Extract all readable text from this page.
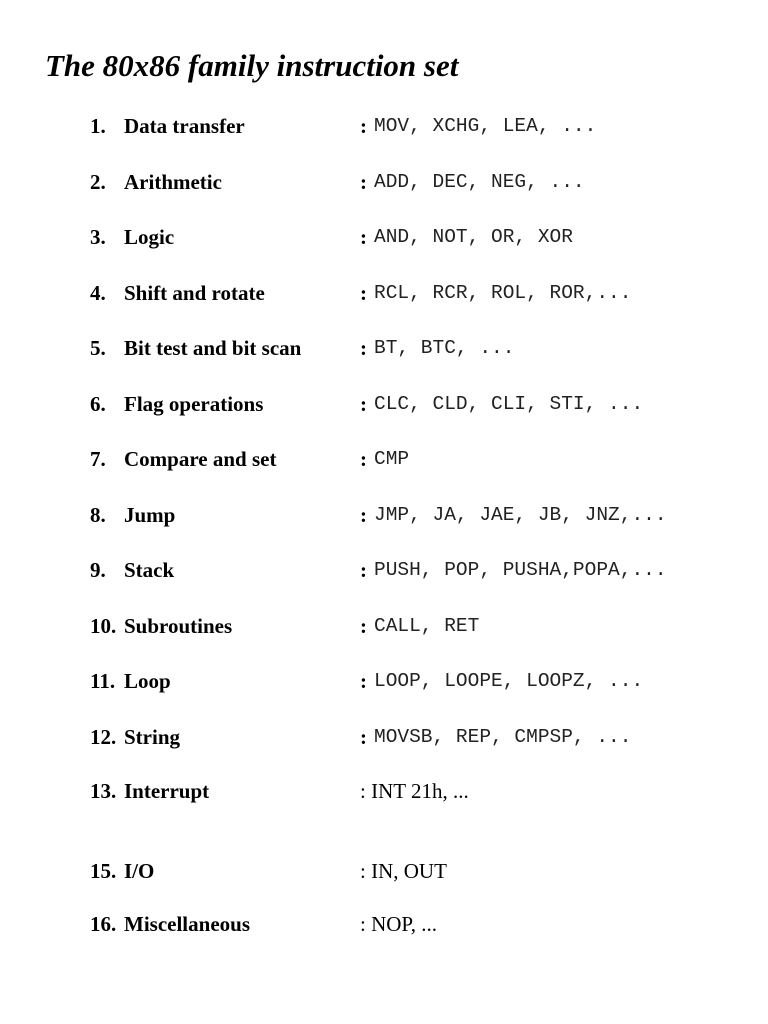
The 80x86 family instruction set
1. Data transfer	: MOV, XCHG, LEA, ...
2. Arithmetic	: ADD, DEC, NEG, ...
3. Logic	: AND, NOT, OR, XOR
4. Shift and rotate	: RCL, RCR, ROL, ROR,...
5. Bit test and bit scan	: BT, BTC, ...
6. Flag operations	: CLC, CLD, CLI, STI, ...
7. Compare and set	: CMP
8. Jump	: JMP, JA, JAE, JB, JNZ,...
9. Stack	: PUSH, POP, PUSHA,POPA,...
10. Subroutines	: CALL, RET
11. Loop	: LOOP, LOOPE, LOOPZ, ...
12. String	: MOVSB, REP, CMPSP, ...
13. Interrupt	: INT 21h, ...
15. I/O	: IN, OUT
16. Miscellaneous	: NOP, ...
